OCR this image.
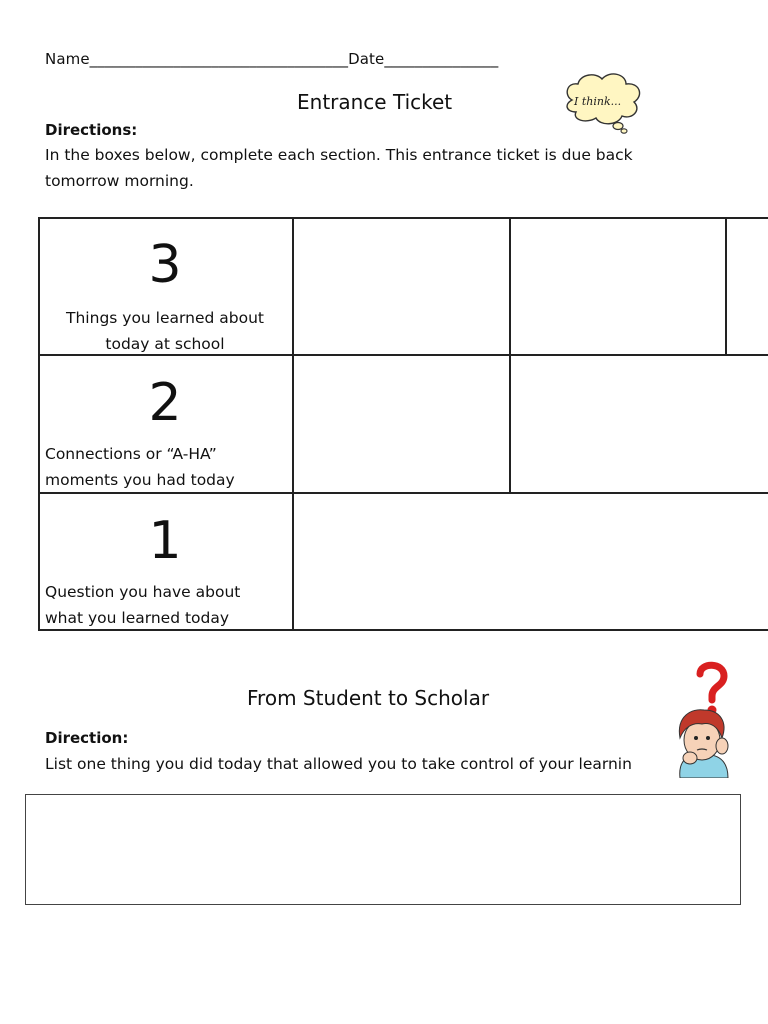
Name__________________________________Date_______________
Entrance Ticket	I think...
Directions:
In the boxes below, complete each section. This entrance ticket is due back
tomorrow morning.
3
Things you learned about
today at school
2
Connections or “A-HA”
moments you had today
1
Question you have about
what you learned today
From Student to Scholar
Direction:
List one thing you did today that allowed you to take control of your learnin
